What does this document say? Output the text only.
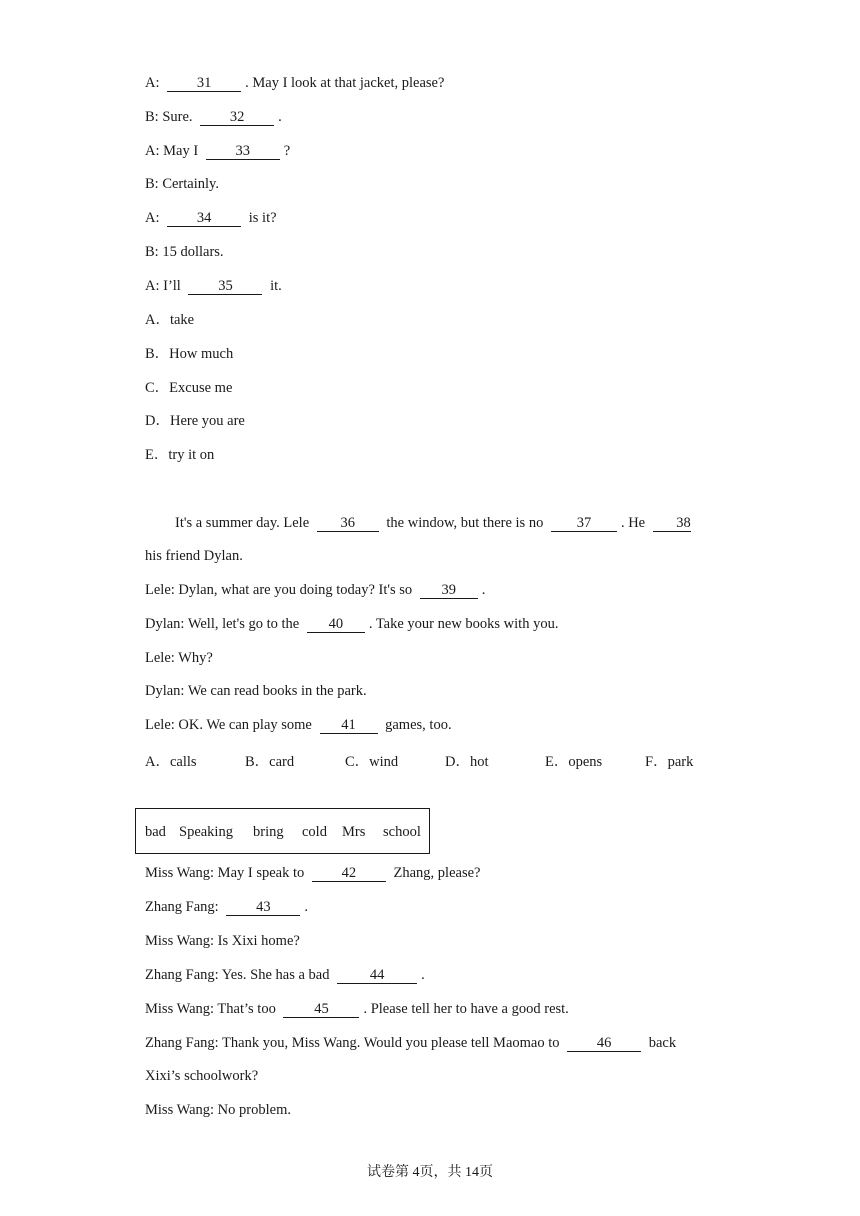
A:	31 . May I look at that jacket, please?
B: Sure.	32 .
A: May I	33 ?
B: Certainly.
A:	34	is it?
B: 15 dollars.
A: I’ll	35	it.
A．take
B．How much
C．Excuse me
D．Here you are
E．try it on
It's a summer day. Lele 36 the window, but there is no 37 . He 38
his friend Dylan.
Lele: Dylan, what are you doing today? It's so 39 .
Dylan: Well, let's go to the 40 . Take your new books with you.
Lele: Why?
Dylan: We can read books in the park.
Lele: OK. We can play some 41 games, too.
A．calls	B．card	C．wind	D．hot	E．opens	F．park
bad Speaking bring cold Mrs school
Miss Wang: May I speak to	42	Zhang, please?
Zhang Fang:	43 .
Miss Wang: Is Xixi home?
Zhang Fang: Yes. She has a bad	44	.
Miss Wang: That’s too	45 . Please tell her to have a good rest.
Zhang Fang: Thank you, Miss Wang. Would you please tell Maomao to	46	back
Xixi’s schoolwork?
Miss Wang: No problem.
试卷第 4页，共 14页
